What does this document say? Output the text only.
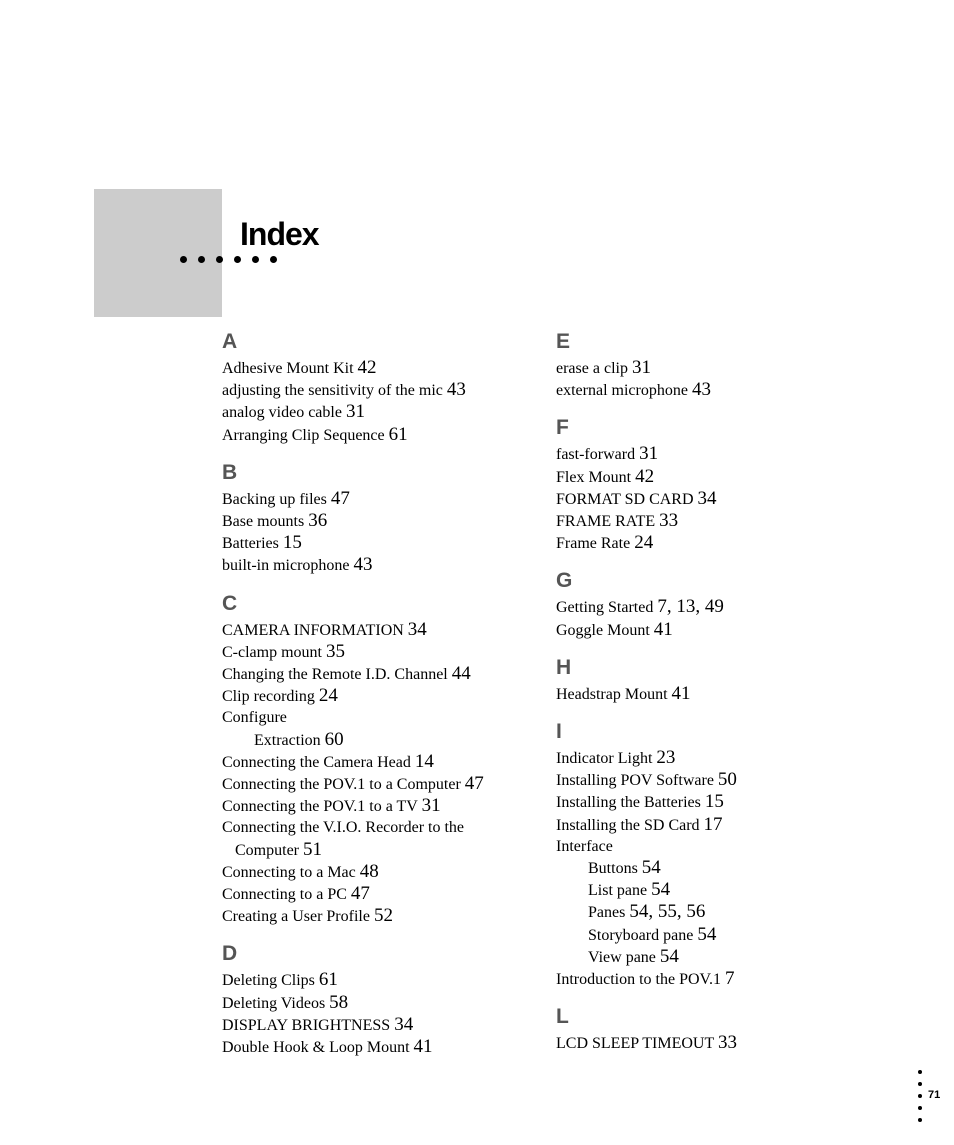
Index
A
Adhesive Mount Kit 42
adjusting the sensitivity of the mic 43
analog video cable 31
Arranging Clip Sequence 61
B
Backing up files 47
Base mounts 36
Batteries 15
built-in microphone 43
C
CAMERA INFORMATION 34
C-clamp mount 35
Changing the Remote I.D. Channel 44
Clip recording 24
Configure
Extraction 60
Connecting the Camera Head 14
Connecting the POV.1 to a Computer 47
Connecting the POV.1 to a TV 31
Connecting the V.I.O. Recorder to the
Computer 51
Connecting to a Mac 48
Connecting to a PC 47
Creating a User Profile 52
D
Deleting Clips 61
Deleting Videos 58
DISPLAY BRIGHTNESS 34
Double Hook & Loop Mount 41
E
erase a clip 31
external microphone 43
F
fast-forward 31
Flex Mount 42
FORMAT SD CARD 34
FRAME RATE 33
Frame Rate 24
G
Getting Started 7, 13, 49
Goggle Mount 41
H
Headstrap Mount 41
I
Indicator Light 23
Installing POV Software 50
Installing the Batteries 15
Installing the SD Card 17
Interface
Buttons 54
List pane 54
Panes 54, 55, 56
Storyboard pane 54
View pane 54
Introduction to the POV.1 7
L
LCD SLEEP TIMEOUT 33
71
